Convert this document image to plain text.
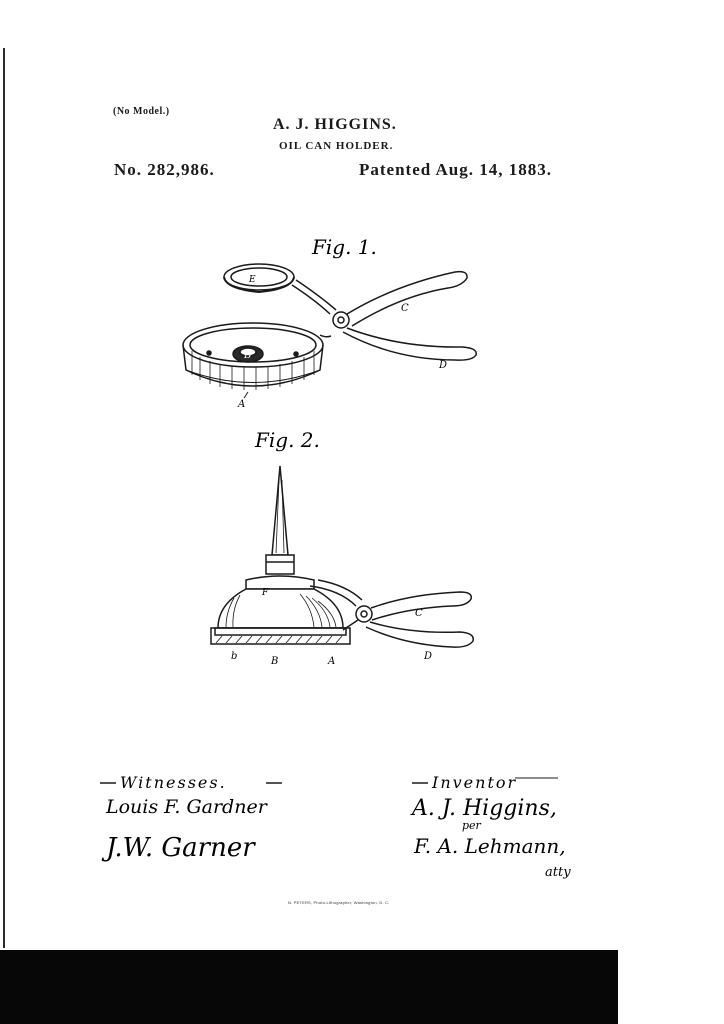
(No Model.)
A. J. HIGGINS.
OIL CAN HOLDER.
No. 282,986.	Patented Aug. 14, 1883.
Fig. 1.
E
B
C
D
A
Fig. 2.
F
C
D
b	B	A
Witnesses.
Louis F. Gardner
J.W. Garner
Inventor
A. J. Higgins,
per
F. A. Lehmann,
atty
N. PETERS, Photo-Lithographer, Washington, D. C.
